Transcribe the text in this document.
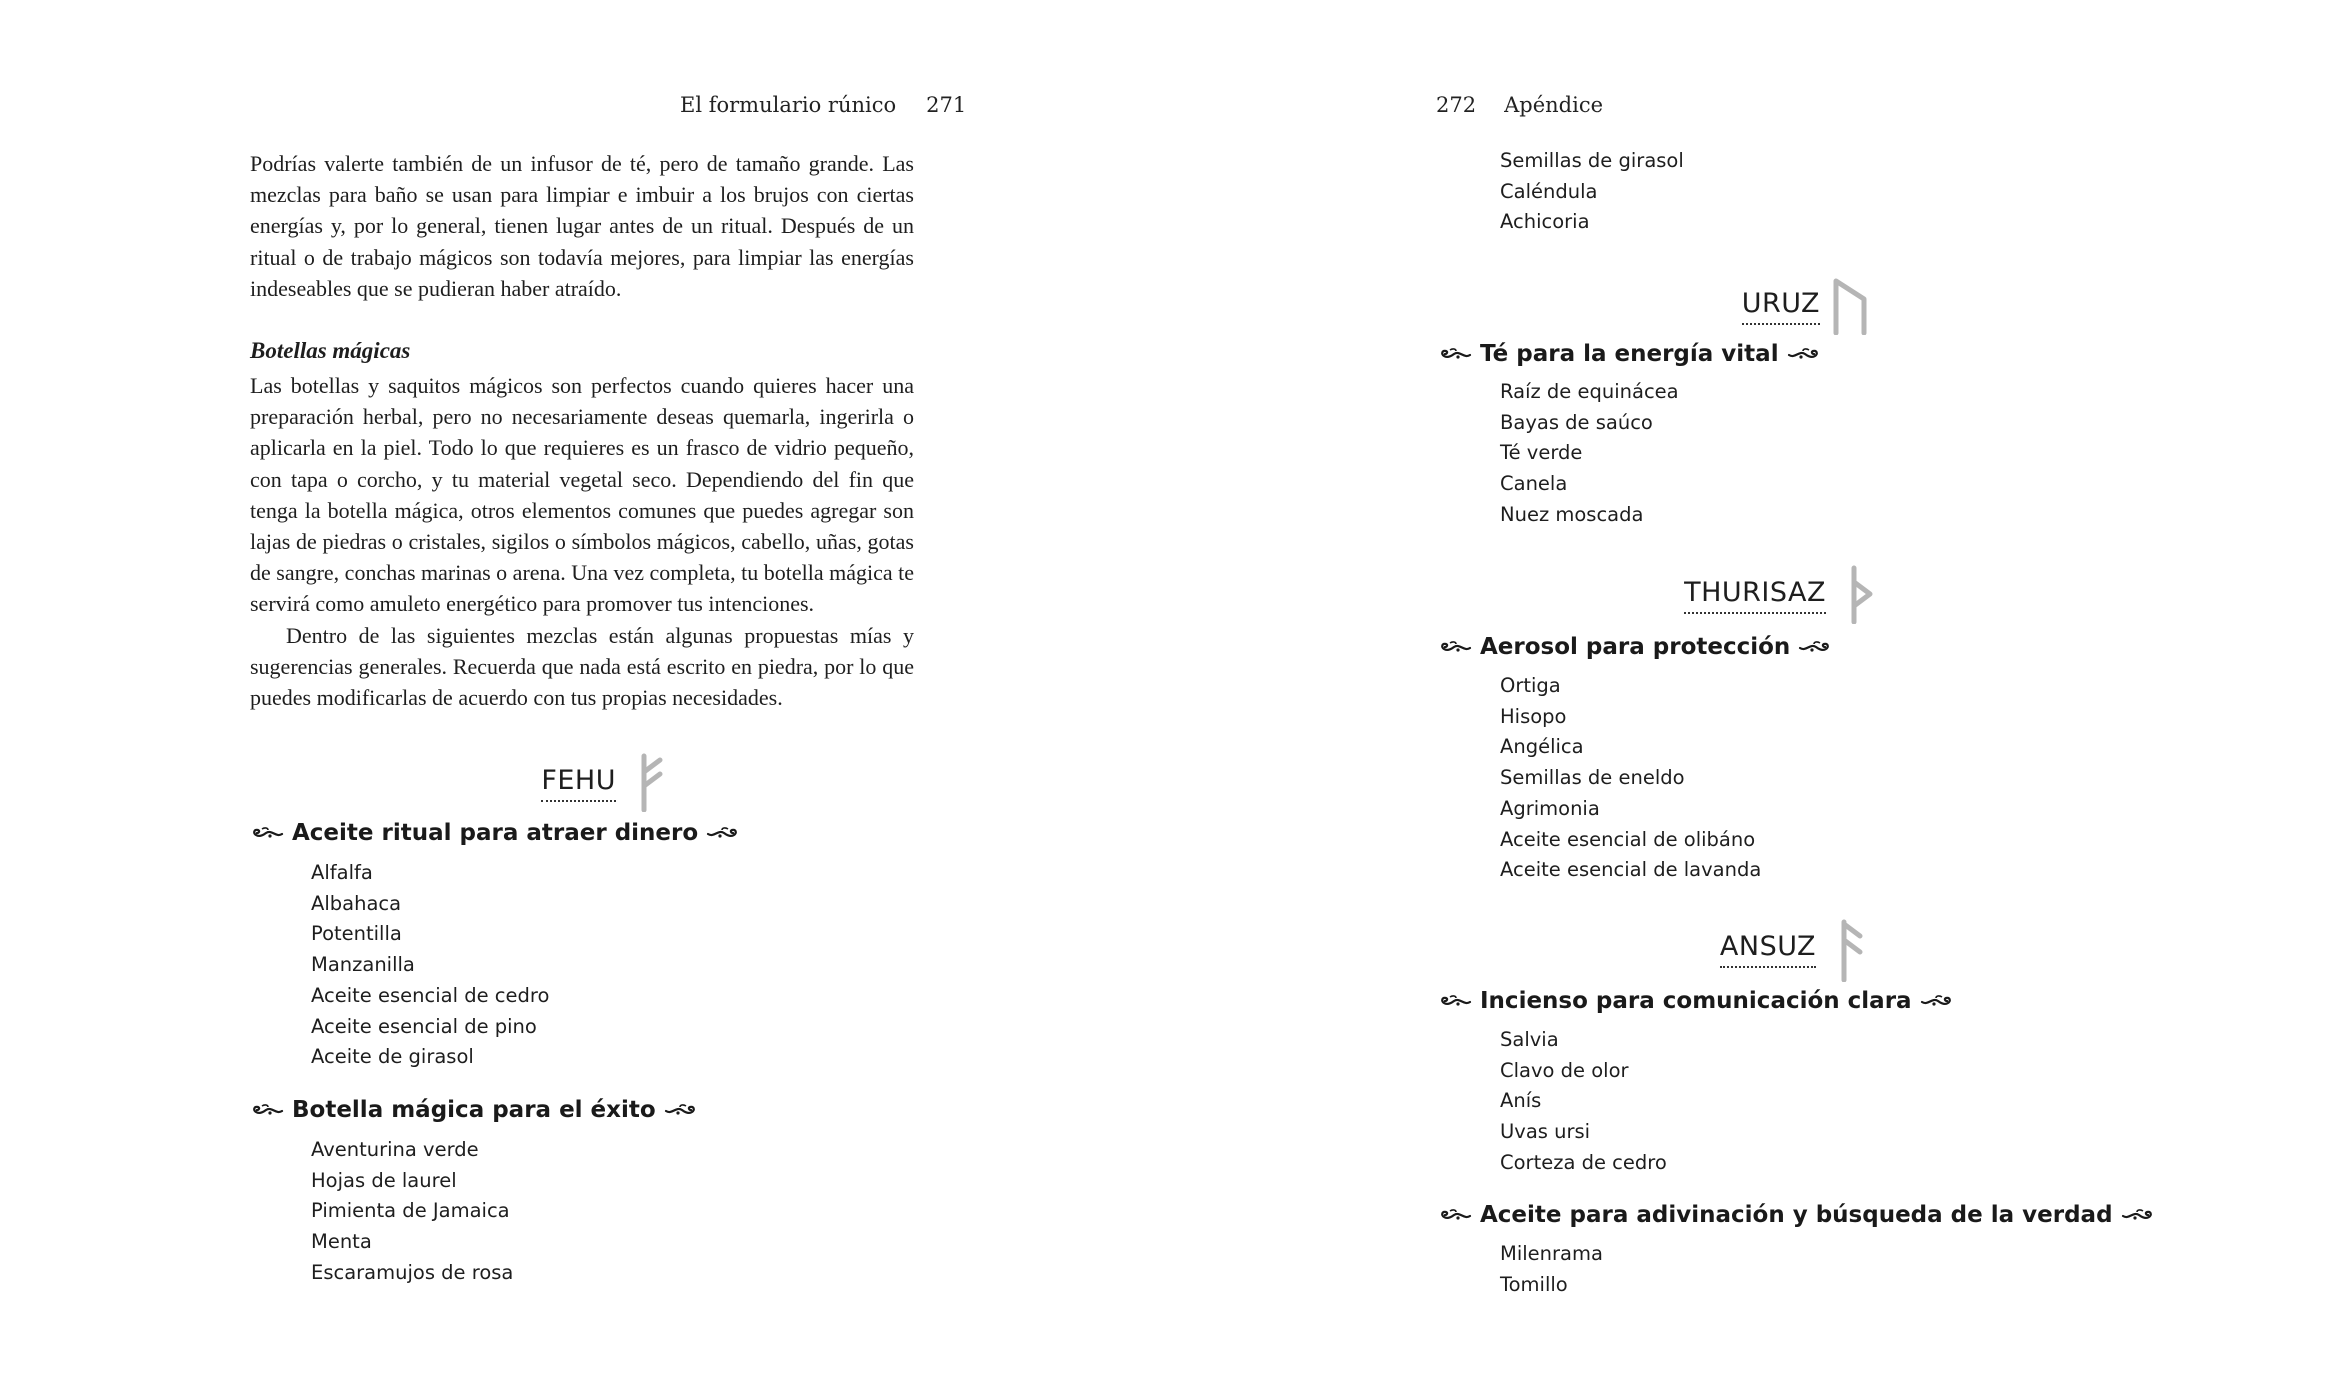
El formulario rúnico 271

Podrías valerte también de un infusor de té, pero de tamaño grande. Las mezclas para baño se usan para limpiar e imbuir a los brujos con ciertas energías y, por lo general, tienen lugar antes de un ritual. Después de un ritual o de trabajo mágicos son todavía mejores, para limpiar las energías indeseables que se pudieran haber atraído.

Botellas mágicas

Las botellas y saquitos mágicos son perfectos cuando quieres hacer una preparación herbal, pero no necesariamente deseas quemarla, ingerirla o aplicarla en la piel. Todo lo que requieres es un frasco de vidrio pequeño, con tapa o corcho, y tu material vegetal seco. Dependiendo del fin que tenga la botella mágica, otros elementos comunes que puedes agregar son lajas de piedras o cristales, sigilos o símbolos mágicos, cabello, uñas, gotas de sangre, conchas marinas o arena. Una vez completa, tu botella mágica te servirá como amuleto energético para promover tus intenciones.

Dentro de las siguientes mezclas están algunas propuestas mías y sugerencias generales. Recuerda que nada está escrito en piedra, por lo que puedes modificarlas de acuerdo con tus propias necesidades.

FEHU
Aceite ritual para atraer dinero
Alfalfa
Albahaca
Potentilla
Manzanilla
Aceite esencial de cedro
Aceite esencial de pino
Aceite de girasol
Botella mágica para el éxito
Aventurina verde
Hojas de laurel
Pimienta de Jamaica
Menta
Escaramujos de rosa
272 Apéndice
Semillas de girasol
Caléndula
Achicoria
URUZ
Té para la energía vital
Raíz de equinácea
Bayas de saúco
Té verde
Canela
Nuez moscada
THURISAZ
Aerosol para protección
Ortiga
Hisopo
Angélica
Semillas de eneldo
Agrimonia
Aceite esencial de olibáno
Aceite esencial de lavanda
ANSUZ
Incienso para comunicación clara
Salvia
Clavo de olor
Anís
Uvas ursi
Corteza de cedro
Aceite para adivinación y búsqueda de la verdad
Milenrama
Tomillo
